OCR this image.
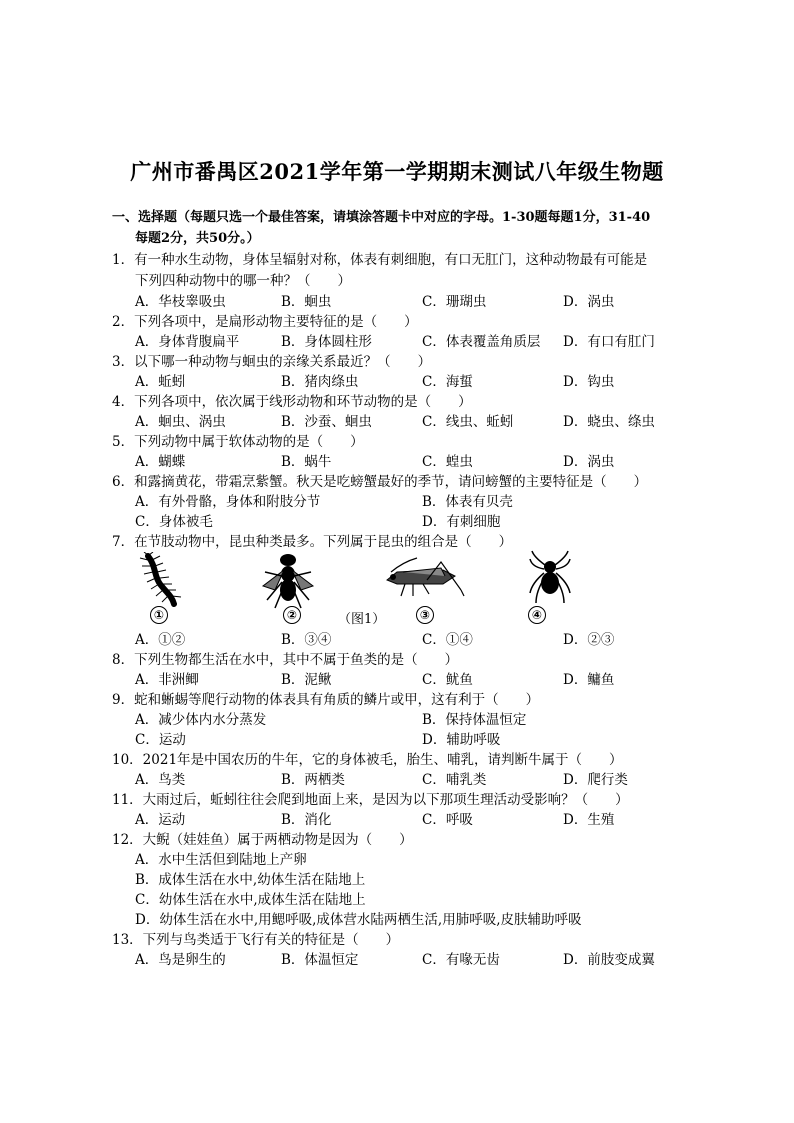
广州市番禺区2021学年第一学期期末测试八年级生物题
一、选择题（每题只选一个最佳答案，请填涂答题卡中对应的字母。1-30题每题1分，31-40
每题2分，共50分。）
1．有一种水生动物，身体呈辐射对称，体表有刺细胞，有口无肛门，这种动物最有可能是
下列四种动物中的哪一种？（　　）
A．华枝睾吸虫	B．蛔虫	C．珊瑚虫	D．涡虫
2．下列各项中，是扁形动物主要特征的是（　　）
A．身体背腹扁平	B．身体圆柱形	C．体表覆盖角质层 D．有口有肛门
3．以下哪一种动物与蛔虫的亲缘关系最近？（　　）
A．蚯蚓	B．猪肉绦虫	C．海蜇	D．钩虫
4．下列各项中，依次属于线形动物和环节动物的是（　　）
A．蛔虫、涡虫	B．沙蚕、蛔虫	C．线虫、蚯蚓	D．蛲虫、绦虫
5．下列动物中属于软体动物的是（　　）
A．蝴蝶	B．蜗牛	C．蝗虫	D．涡虫
6．和露摘黄花，带霜烹紫蟹。秋天是吃螃蟹最好的季节，请问螃蟹的主要特征是（　　）
A．有外骨骼，身体和附肢分节	B．体表有贝壳
C．身体被毛	D．有刺细胞
7．在节肢动物中，昆虫种类最多。下列属于昆虫的组合是（　　）
①	②	③	④
（图1）
A．①②	B．③④	C．①④	D．②③
8．下列生物都生活在水中，其中不属于鱼类的是（　　）
A．非洲鲫	B．泥鳅	C．鱿鱼	D．鳙鱼
9．蛇和蜥蜴等爬行动物的体表具有角质的鳞片或甲，这有利于（　　）
A．减少体内水分蒸发	B．保持体温恒定
C．运动	D．辅助呼吸
10．2021年是中国农历的牛年，它的身体被毛，胎生、哺乳，请判断牛属于（　　）
A．鸟类	B．两栖类	C．哺乳类	D．爬行类
11．大雨过后，蚯蚓往往会爬到地面上来，是因为以下那项生理活动受影响？（　　）
A．运动	B．消化	C．呼吸	D．生殖
12．大鲵（娃娃鱼）属于两栖动物是因为（　　）
A．水中生活但到陆地上产卵
B．成体生活在水中,幼体生活在陆地上
C．幼体生活在水中,成体生活在陆地上
D．幼体生活在水中,用鳃呼吸,成体营水陆两栖生活,用肺呼吸,皮肤辅助呼吸
13．下列与鸟类适于飞行有关的特征是（　　）
A．鸟是卵生的	B．体温恒定	C．有喙无齿	D．前肢变成翼
